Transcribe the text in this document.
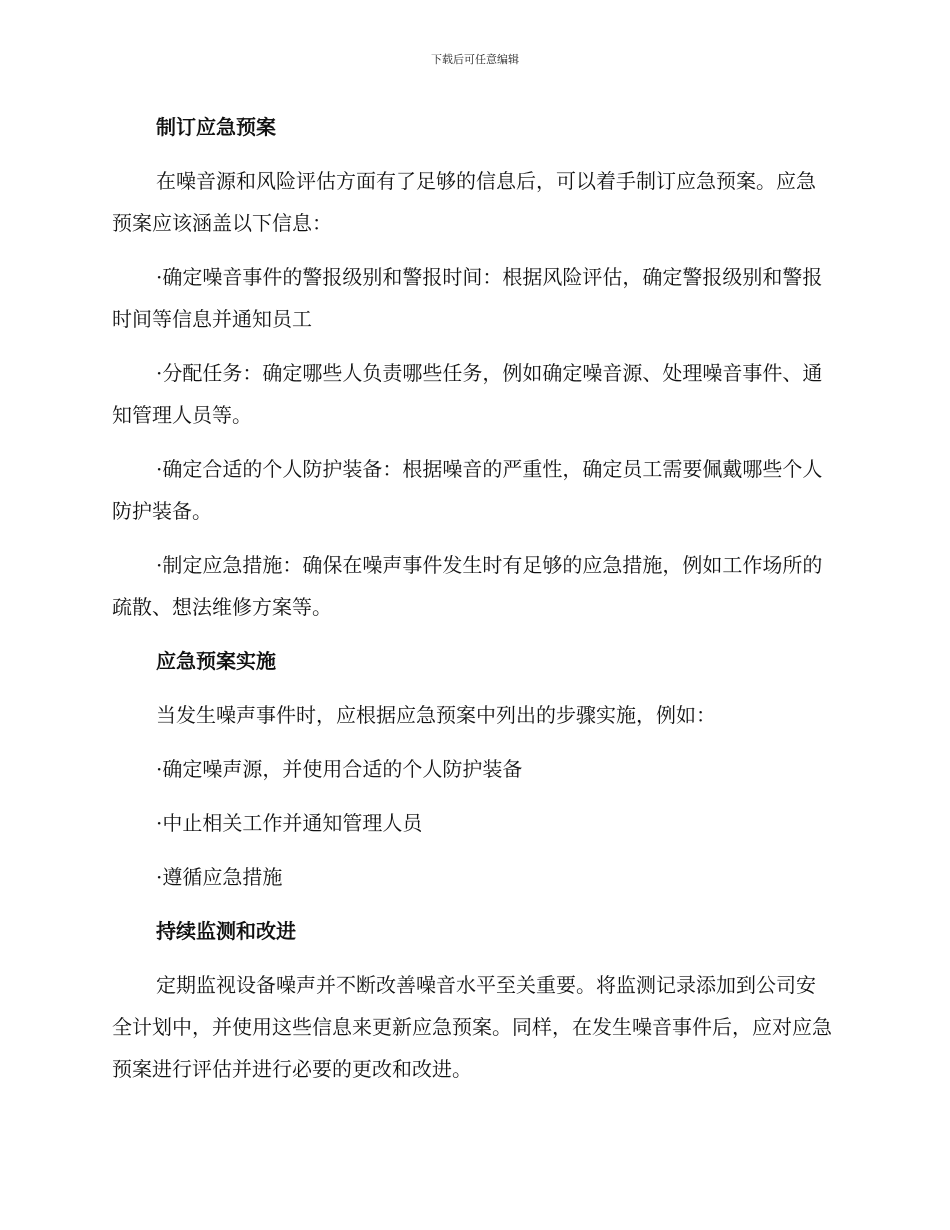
下载后可任意编辑
制订应急预案

在噪音源和风险评估方面有了足够的信息后，可以着手制订应急预案。应急预案应该涵盖以下信息：

·确定噪音事件的警报级别和警报时间：根据风险评估，确定警报级别和警报时间等信息并通知员工

·分配任务：确定哪些人负责哪些任务，例如确定噪音源、处理噪音事件、通知管理人员等。

·确定合适的个人防护装备：根据噪音的严重性，确定员工需要佩戴哪些个人防护装备。

·制定应急措施：确保在噪声事件发生时有足够的应急措施，例如工作场所的疏散、想法维修方案等。

应急预案实施

当发生噪声事件时，应根据应急预案中列出的步骤实施，例如：

·确定噪声源，并使用合适的个人防护装备

·中止相关工作并通知管理人员

·遵循应急措施

持续监测和改进

定期监视设备噪声并不断改善噪音水平至关重要。将监测记录添加到公司安全计划中，并使用这些信息来更新应急预案。同样，在发生噪音事件后，应对应急预案进行评估并进行必要的更改和改进。
